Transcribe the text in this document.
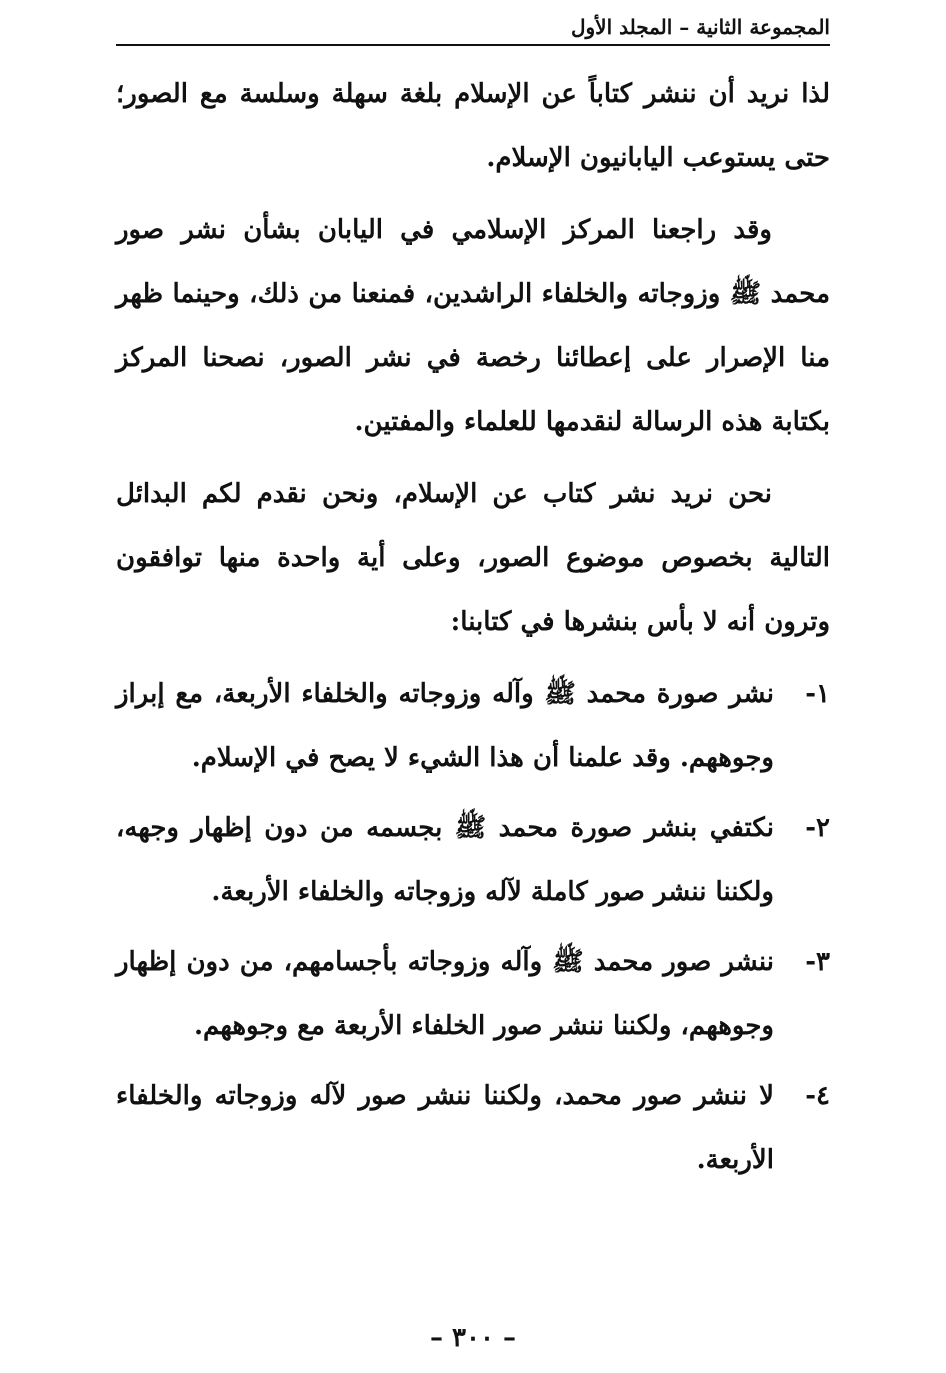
المجموعة الثانية – المجلد الأول

لذا نريد أن ننشر كتاباً عن الإسلام بلغة سهلة وسلسة مع الصور؛ حتى يستوعب اليابانيون الإسلام.

وقد راجعنا المركز الإسلامي في اليابان بشأن نشر صور محمد ﷺ وزوجاته والخلفاء الراشدين، فمنعنا من ذلك، وحينما ظهر منا الإصرار على إعطائنا رخصة في نشر الصور، نصحنا المركز بكتابة هذه الرسالة لنقدمها للعلماء والمفتين.

نحن نريد نشر كتاب عن الإسلام، ونحن نقدم لكم البدائل التالية بخصوص موضوع الصور، وعلى أية واحدة منها توافقون وترون أنه لا بأس بنشرها في كتابنا:

١-
نشر صورة محمد ﷺ وآله وزوجاته والخلفاء الأربعة، مع إبراز وجوههم. وقد علمنا أن هذا الشيء لا يصح في الإسلام.
٢-
نكتفي بنشر صورة محمد ﷺ بجسمه من دون إظهار وجهه، ولكننا ننشر صور كاملة لآله وزوجاته والخلفاء الأربعة.
٣-
ننشر صور محمد ﷺ وآله وزوجاته بأجسامهم، من دون إظهار وجوههم، ولكننا ننشر صور الخلفاء الأربعة مع وجوههم.
٤-
لا ننشر صور محمد، ولكننا ننشر صور لآله وزوجاته والخلفاء الأربعة.
– ٣٠٠ –
